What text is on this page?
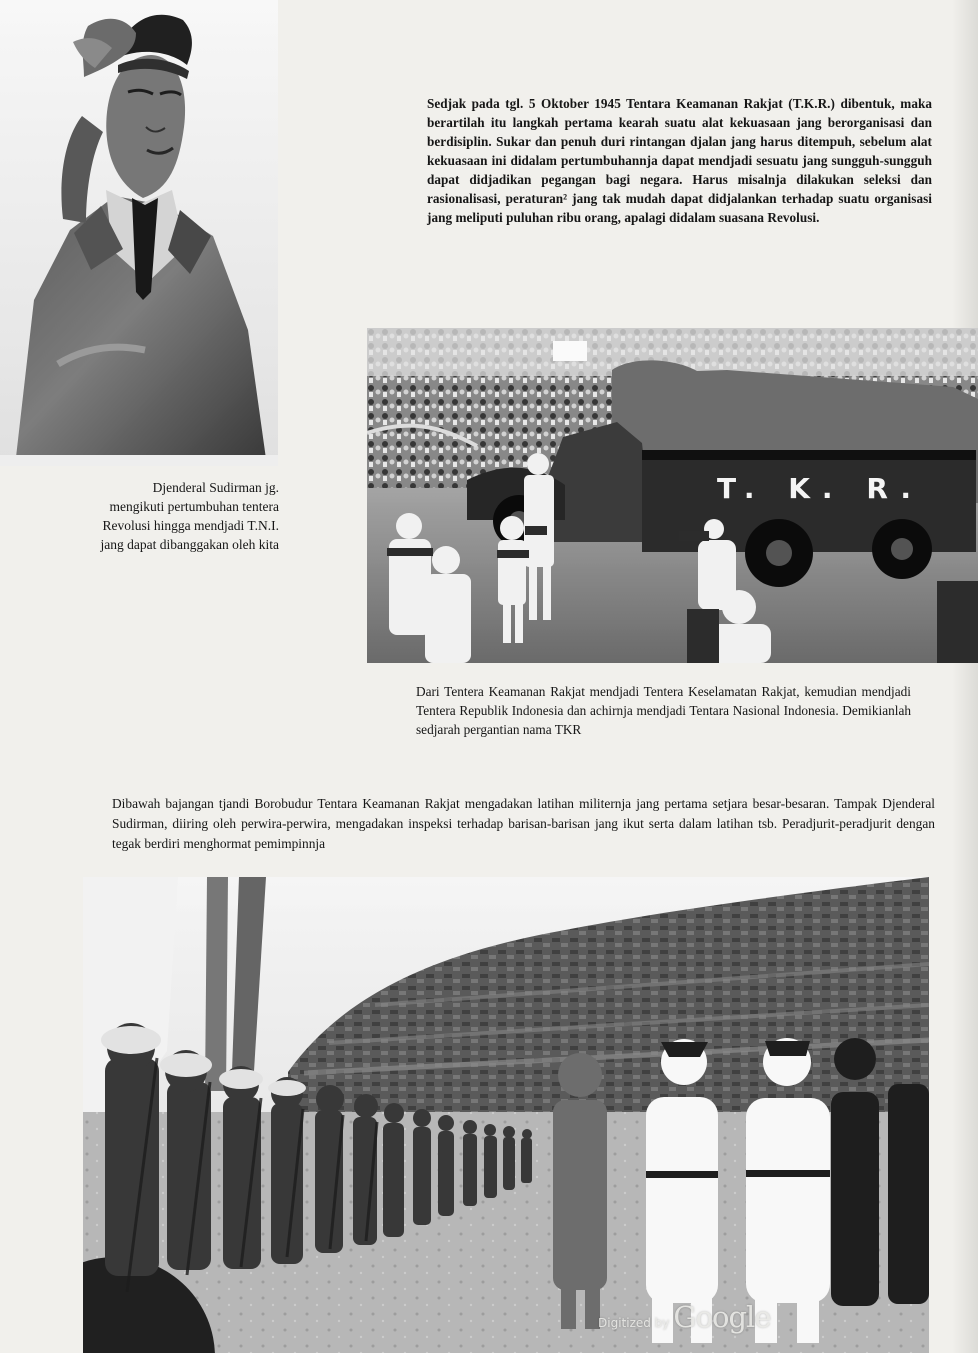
Sedjak pada tgl. 5 Oktober 1945 Tentara Keamanan Rakjat (T.K.R.) dibentuk, maka berartilah itu langkah pertama kearah suatu alat kekuasaan jang berorganisasi dan berdisiplin. Sukar dan penuh duri rintangan djalan jang harus ditempuh, sebelum alat kekuasaan ini didalam pertumbuhannja dapat mendjadi sesuatu jang sungguh-sungguh dapat didjadikan pegangan bagi negara. Harus misalnja dilakukan seleksi dan rasionalisasi, peraturan² jang tak mudah dapat didjalankan terhadap suatu organisasi jang meliputi puluhan ribu orang, apalagi didalam suasana Revolusi.

T. K. R.

Djenderal Sudirman jg. mengikuti pertumbuhan tentera Revolusi hingga mendjadi T.N.I. jang dapat dibanggakan oleh kita

Dari Tentera Keamanan Rakjat mendjadi Tentera Keselamatan Rakjat, kemudian mendjadi Tentera Republik Indonesia dan achirnja mendjadi Tentara Nasional Indonesia. Demikianlah sedjarah pergantian nama TKR

Dibawah bajangan tjandi Borobudur Tentara Keamanan Rakjat mengadakan latihan militernja jang pertama setjara besar-besaran. Tampak Djenderal Sudirman, diiring oleh perwira-perwira, mengadakan inspeksi terhadap barisan-barisan jang ikut serta dalam latihan tsb. Peradjurit-peradjurit dengan tegak berdiri menghormat pemimpinnja

Digitized by Google
